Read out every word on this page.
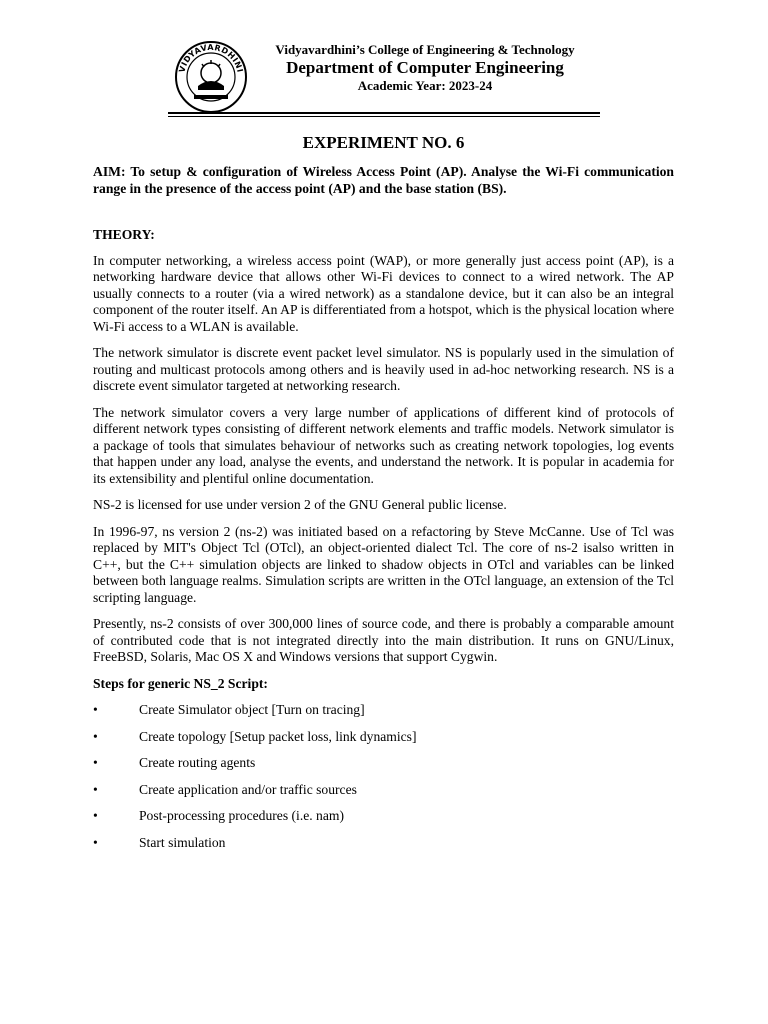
VIDYAVARDHINI
Vidyavardhini’s College of Engineering & Technology
Department of Computer Engineering
Academic Year: 2023-24
EXPERIMENT NO. 6

AIM: To setup & configuration of Wireless Access Point (AP). Analyse the Wi-Fi communication range in the presence of the access point (AP) and the base station (BS).

THEORY:

In computer networking, a wireless access point (WAP), or more generally just access point (AP), is a networking hardware device that allows other Wi-Fi devices to connect to a wired network. The AP usually connects to a router (via a wired network) as a standalone device, but it can also be an integral component of the router itself. An AP is differentiated from a hotspot, which is the physical location where Wi-Fi access to a WLAN is available.

The network simulator is discrete event packet level simulator. NS is popularly used in the simulation of routing and multicast protocols among others and is heavily used in ad-hoc networking research. NS is a discrete event simulator targeted at networking research.

The network simulator covers a very large number of applications of different kind of protocols of different network types consisting of different network elements and traffic models. Network simulator is a package of tools that simulates behaviour of networks such as creating network topologies, log events that happen under any load, analyse the events, and understand the network. It is popular in academia for its extensibility and plentiful online documentation.

NS-2 is licensed for use under version 2 of the GNU General public license.

In 1996-97, ns version 2 (ns-2) was initiated based on a refactoring by Steve McCanne. Use of Tcl was replaced by MIT's Object Tcl (OTcl), an object-oriented dialect Tcl. The core of ns-2 isalso written in C++, but the C++ simulation objects are linked to shadow objects in OTcl and variables can be linked between both language realms. Simulation scripts are written in the OTcl language, an extension of the Tcl scripting language.

Presently, ns-2 consists of over 300,000 lines of source code, and there is probably a comparable amount of contributed code that is not integrated directly into the main distribution. It runs on GNU/Linux, FreeBSD, Solaris, Mac OS X and Windows versions that support Cygwin.

Steps for generic NS_2 Script:

•	Create Simulator object [Turn on tracing]
•	Create topology [Setup packet loss, link dynamics]
•	Create routing agents
•	Create application and/or traffic sources
•	Post-processing procedures (i.e. nam)
•	Start simulation
